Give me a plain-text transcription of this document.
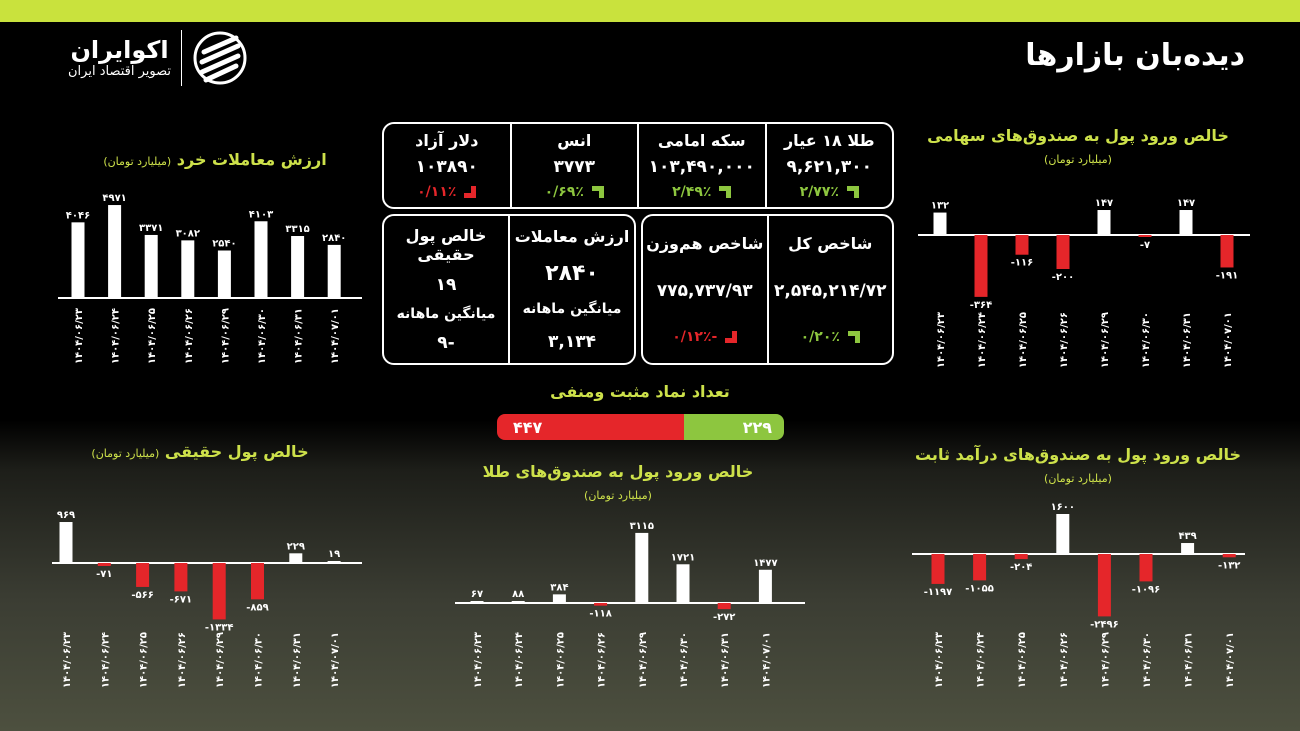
دیده‌بان بازارها
اکوایران
تصویر اقتصاد ایران
ارزش معاملات خرد (میلیارد تومان)
خالص ورود پول به صندوق‌های سهامی
(میلیارد تومان)
خالص پول حقیقی (میلیارد تومان)
خالص ورود پول به صندوق‌های طلا
(میلیارد تومان)
خالص ورود پول به صندوق‌های درآمد ثابت
(میلیارد تومان)
طلا ۱۸ عیار
۹,۶۲۱,۳۰۰
۲/۷۷٪
سکه امامی
۱۰۳,۴۹۰,۰۰۰
۲/۴۹٪
انس
۳۷۷۳
۰/۶۹٪
دلار آزاد
۱۰۳۸۹۰
۰/۱۱٪
شاخص کل
۲,۵۴۵,۲۱۴/۷۲
۰/۲۰٪
شاخص هم‌وزن
۷۷۵,۷۳۷/۹۳
-۰/۱۲٪
ارزش معاملات
۲۸۴۰
میانگین ماهانه
۳,۱۳۴
خالص پول حقیقی
۱۹
میانگین ماهانه
-۹
تعداد نماد مثبت ومنفی
۴۴۷	۲۲۹
۴۰۴۶
۱۴۰۴/۰۶/۲۳
۴۹۷۱
۱۴۰۴/۰۶/۲۴
۳۳۷۱
۱۴۰۴/۰۶/۲۵
۳۰۸۲
۱۴۰۴/۰۶/۲۶
۲۵۴۰
۱۴۰۴/۰۶/۲۹
۴۱۰۳
۱۴۰۴/۰۶/۳۰
۳۳۱۵
۱۴۰۴/۰۶/۳۱
۲۸۴۰
۱۴۰۴/۰۷/۰۱
۱۳۲
۱۴۰۴/۰۶/۲۳
-۳۶۴
۱۴۰۴/۰۶/۲۴
-۱۱۶
۱۴۰۴/۰۶/۲۵
-۲۰۰
۱۴۰۴/۰۶/۲۶
۱۴۷
۱۴۰۴/۰۶/۲۹
-۷
۱۴۰۴/۰۶/۳۰
۱۴۷
۱۴۰۴/۰۶/۳۱
-۱۹۱
۱۴۰۴/۰۷/۰۱
۹۶۹
۱۴۰۴/۰۶/۲۳
-۷۱
۱۴۰۴/۰۶/۲۴
-۵۶۶
۱۴۰۴/۰۶/۲۵
-۶۷۱
۱۴۰۴/۰۶/۲۶
-۱۳۳۴
۱۴۰۴/۰۶/۲۹
-۸۵۹
۱۴۰۴/۰۶/۳۰
۲۲۹
۱۴۰۴/۰۶/۳۱
۱۹
۱۴۰۴/۰۷/۰۱
۶۷
۱۴۰۴/۰۶/۲۳
۸۸
۱۴۰۴/۰۶/۲۴
۳۸۴
۱۴۰۴/۰۶/۲۵
-۱۱۸
۱۴۰۴/۰۶/۲۶
۳۱۱۵
۱۴۰۴/۰۶/۲۹
۱۷۲۱
۱۴۰۴/۰۶/۳۰
-۲۷۲
۱۴۰۴/۰۶/۳۱
۱۴۷۷
۱۴۰۴/۰۷/۰۱
-۱۱۹۷
۱۴۰۴/۰۶/۲۳
-۱۰۵۵
۱۴۰۴/۰۶/۲۴
-۲۰۴
۱۴۰۴/۰۶/۲۵
۱۶۰۰
۱۴۰۴/۰۶/۲۶
-۲۴۹۶
۱۴۰۴/۰۶/۲۹
-۱۰۹۶
۱۴۰۴/۰۶/۳۰
۴۳۹
۱۴۰۴/۰۶/۳۱
-۱۳۲
۱۴۰۴/۰۷/۰۱
